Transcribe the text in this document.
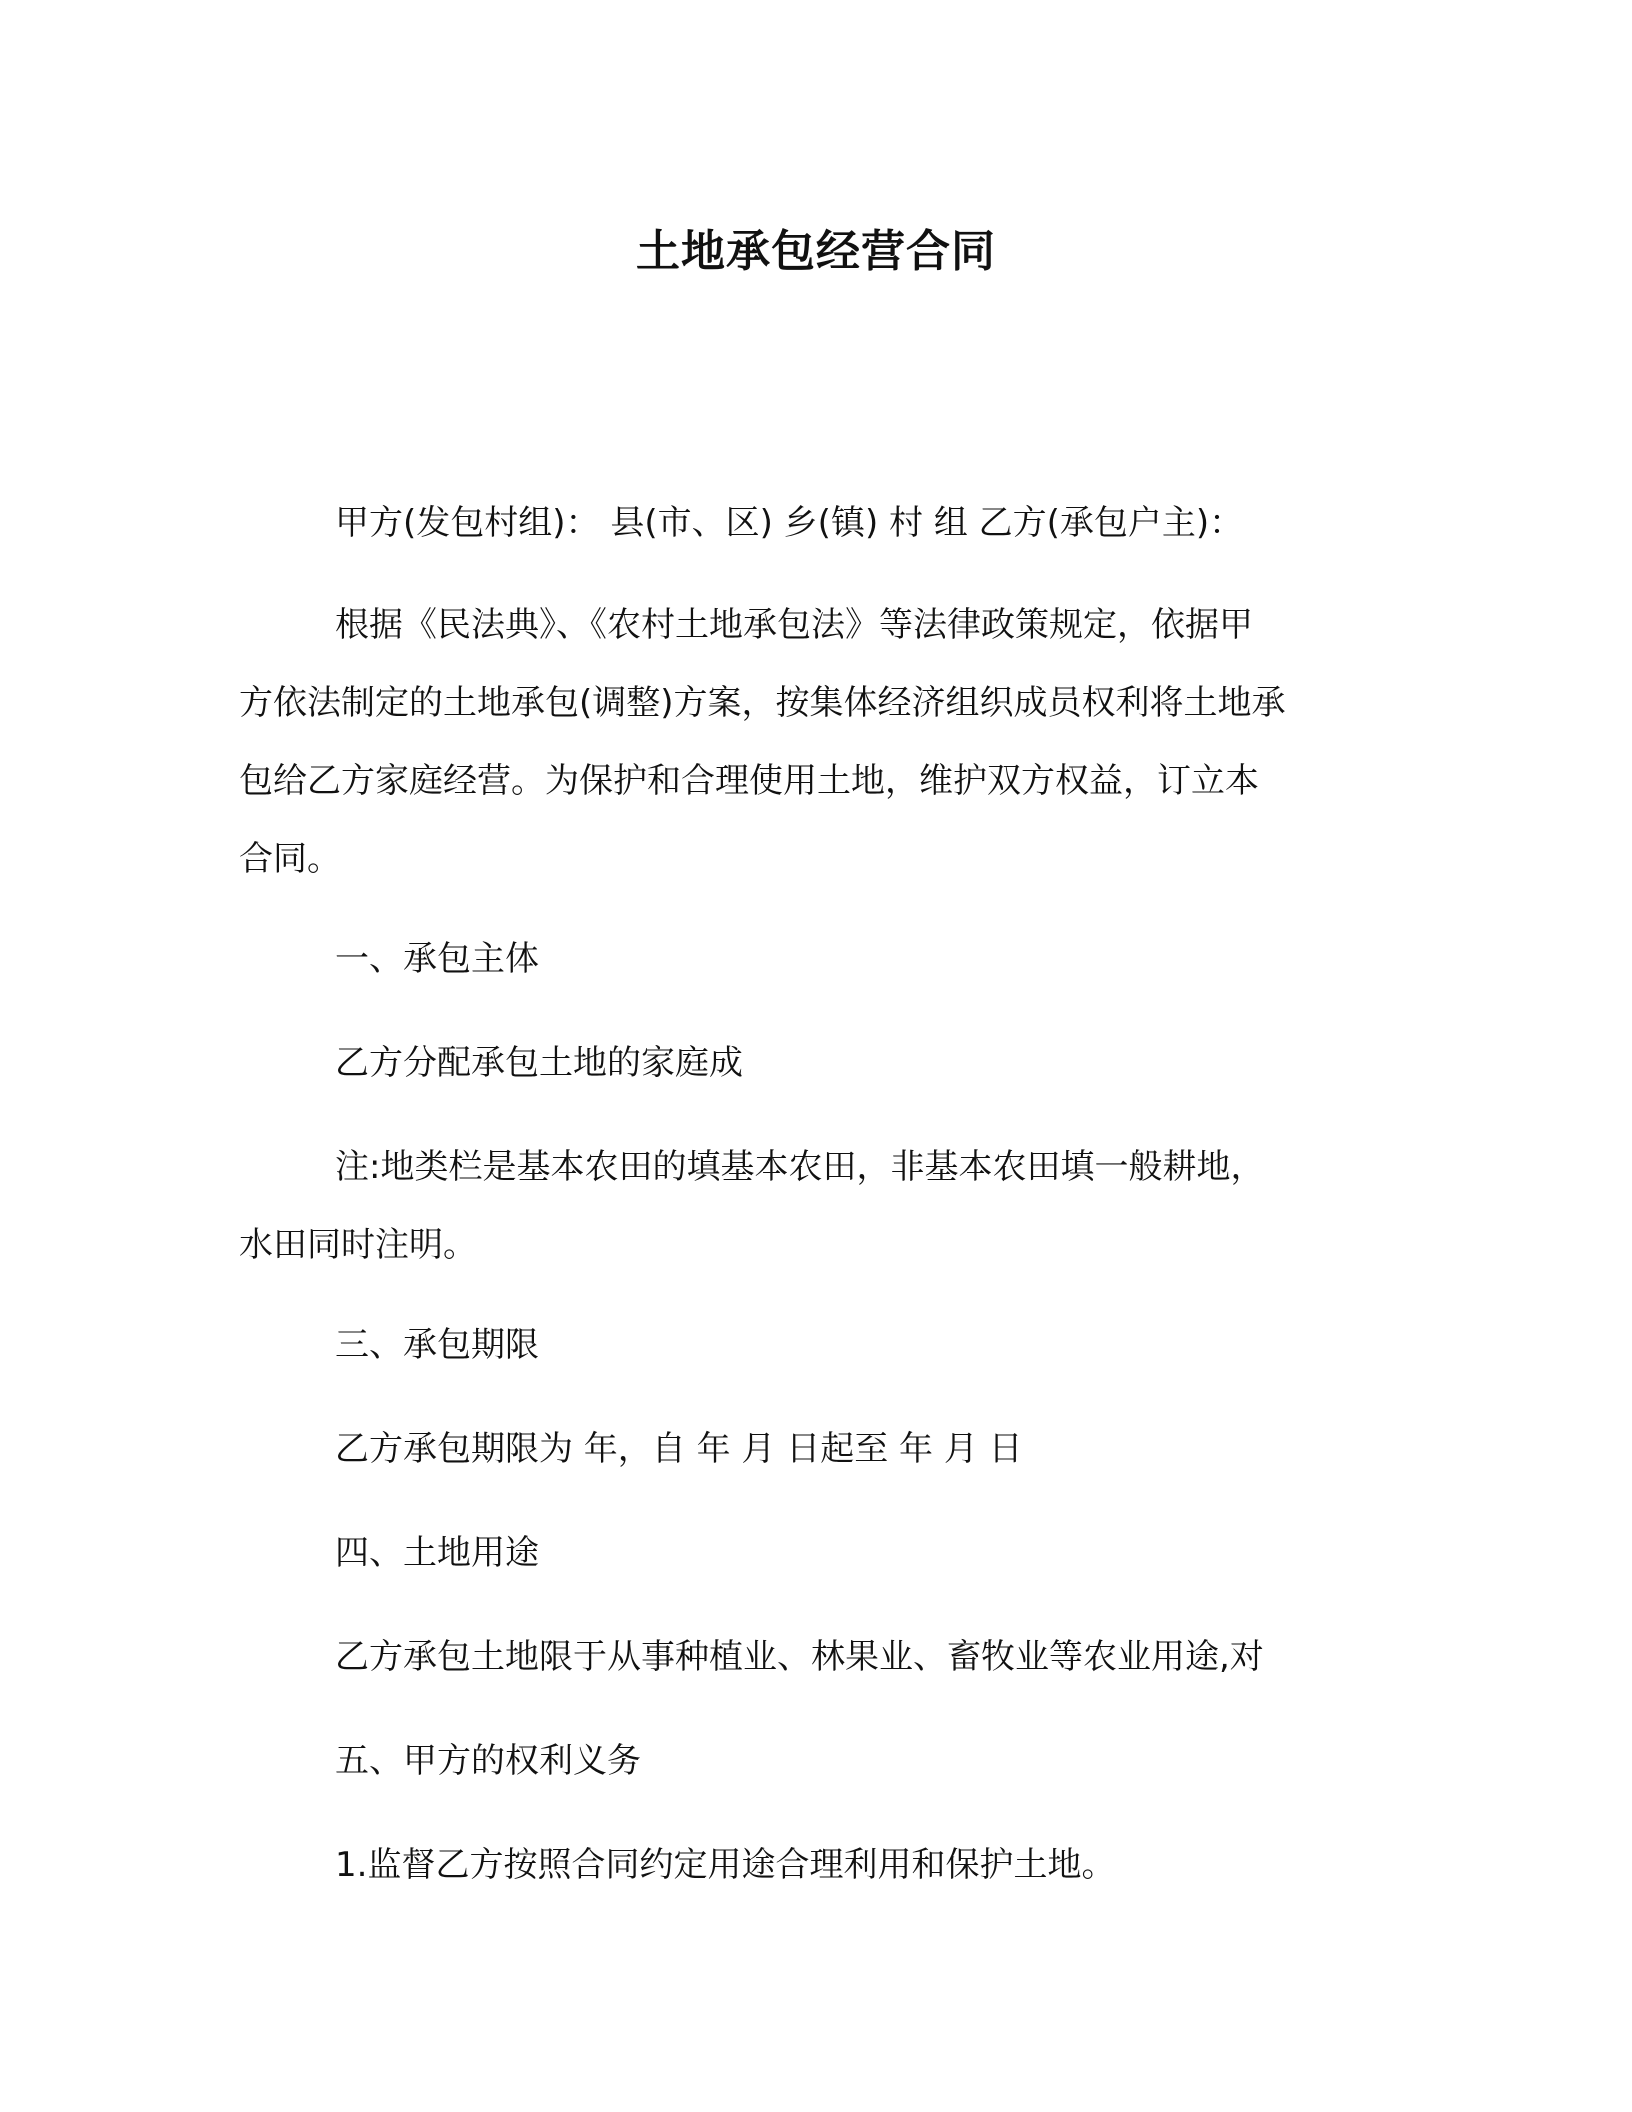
土地承包经营合同

甲方(发包村组)： 县(市、区) 乡(镇) 村 组 乙方(承包户主)：

根据《民法典》、《农村土地承包法》等法律政策规定，依据甲

方依法制定的土地承包(调整)方案，按集体经济组织成员权利将土地承

包给乙方家庭经营。为保护和合理使用土地，维护双方权益，订立本

合同。

一、承包主体

乙方分配承包土地的家庭成

注:地类栏是基本农田的填基本农田，非基本农田填一般耕地，

水田同时注明。

三、承包期限

乙方承包期限为 年，自 年 月 日起至 年 月 日

四、土地用途

乙方承包土地限于从事种植业、林果业、畜牧业等农业用途,对

五、甲方的权利义务

1.监督乙方按照合同约定用途合理利用和保护土地。
